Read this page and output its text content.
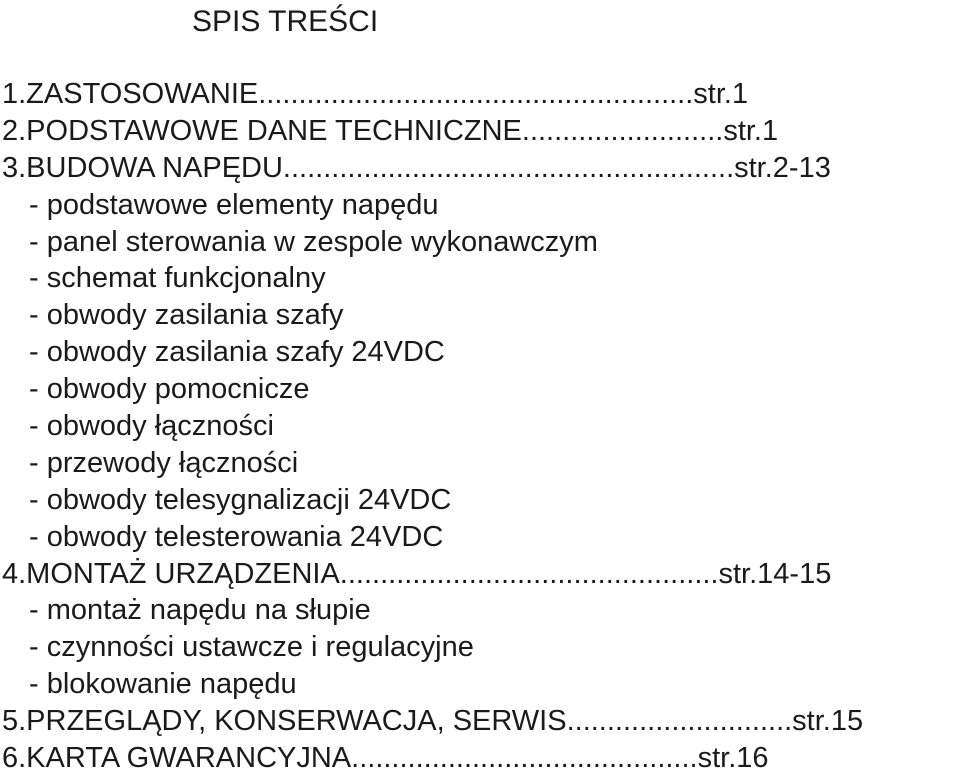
SPIS TREŚCI
1.ZASTOSOWANIE......................................................str.1
2.PODSTAWOWE DANE TECHNICZNE.........................str.1
3.BUDOWA NAPĘDU........................................................str.2-13
- podstawowe elementy napędu
- panel sterowania w zespole wykonawczym
- schemat funkcjonalny
- obwody zasilania szafy
- obwody zasilania szafy 24VDC
- obwody pomocnicze
- obwody łączności
- przewody łączności
- obwody telesygnalizacji 24VDC
- obwody telesterowania 24VDC
4.MONTAŻ URZĄDZENIA...............................................str.14-15
- montaż napędu na słupie
- czynności ustawcze i regulacyjne
- blokowanie napędu
5.PRZEGLĄDY, KONSERWACJA, SERWIS............................str.15
6.KARTA GWARANCYJNA...........................................str.16
